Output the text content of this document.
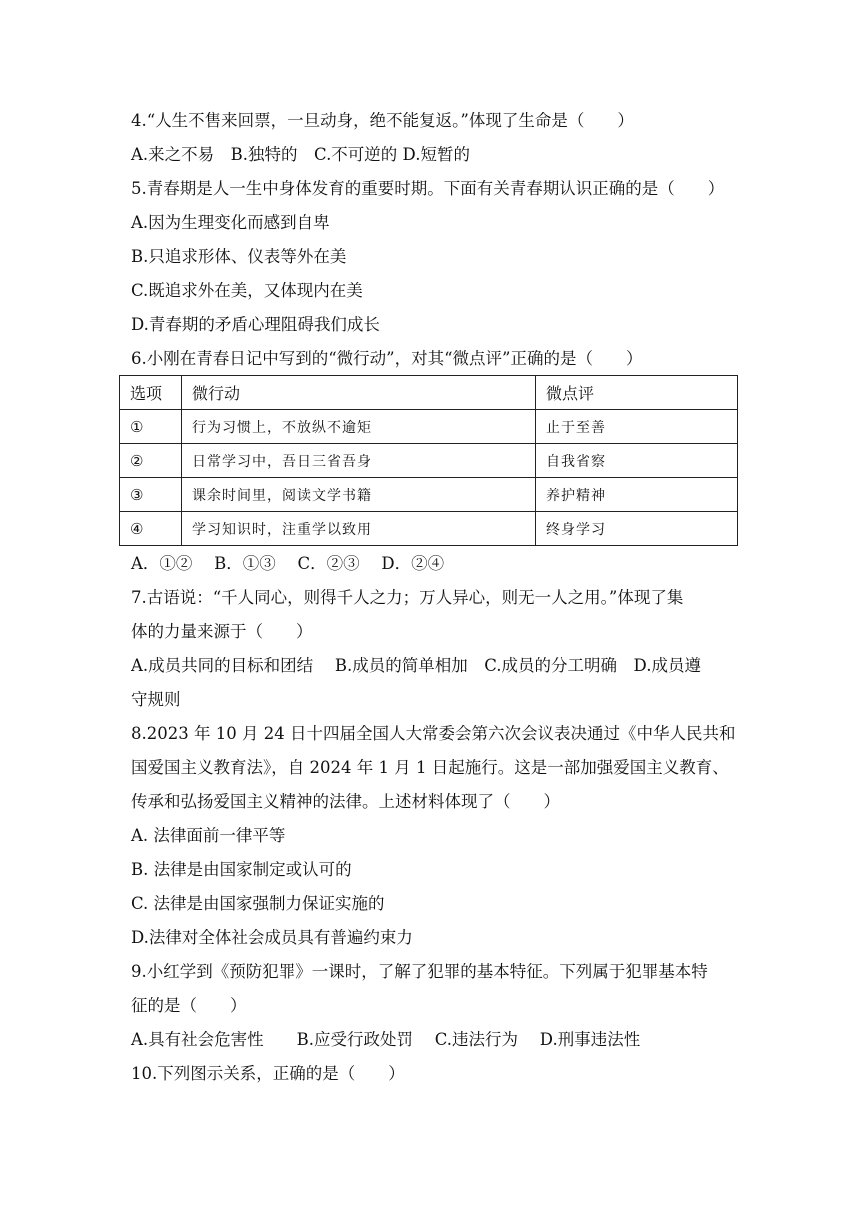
4.“人生不售来回票，一旦动身，绝不能复返。”体现了生命是（　　）
A.来之不易　B.独特的　C.不可逆的 D.短暂的
5.青春期是人一生中身体发育的重要时期。下面有关青春期认识正确的是（　　）
A.因为生理变化而感到自卑
B.只追求形体、仪表等外在美
C.既追求外在美，又体现内在美
D.青春期的矛盾心理阻碍我们成长
6.小刚在青春日记中写到的“微行动”，对其“微点评”正确的是（　　）
选项	微行动	微点评
①	行为习惯上，不放纵不逾矩	止于至善
②	日常学习中，吾日三省吾身	自我省察
③	课余时间里，阅读文学书籍	养护精神
④	学习知识时，注重学以致用	终身学习
A．①②　 B．①③　 C．②③　 D．②④
7.古语说：“千人同心，则得千人之力；万人异心，则无一人之用。”体现了集
体的力量来源于（　　）
A.成员共同的目标和团结　 B.成员的简单相加　C.成员的分工明确　D.成员遵
守规则
8.2023 年 10 月 24 日十四届全国人大常委会第六次会议表决通过《中华人民共和
国爱国主义教育法》，自 2024 年 1 月 1 日起施行。这是一部加强爱国主义教育、
传承和弘扬爱国主义精神的法律。上述材料体现了（　　）
A. 法律面前一律平等
B. 法律是由国家制定或认可的
C. 法律是由国家强制力保证实施的
D.法律对全体社会成员具有普遍约束力
9.小红学到《预防犯罪》一课时，了解了犯罪的基本特征。下列属于犯罪基本特
征的是（　　）
A.具有社会危害性　　B.应受行政处罚　 C.违法行为　 D.刑事违法性
10.下列图示关系，正确的是（　　）
